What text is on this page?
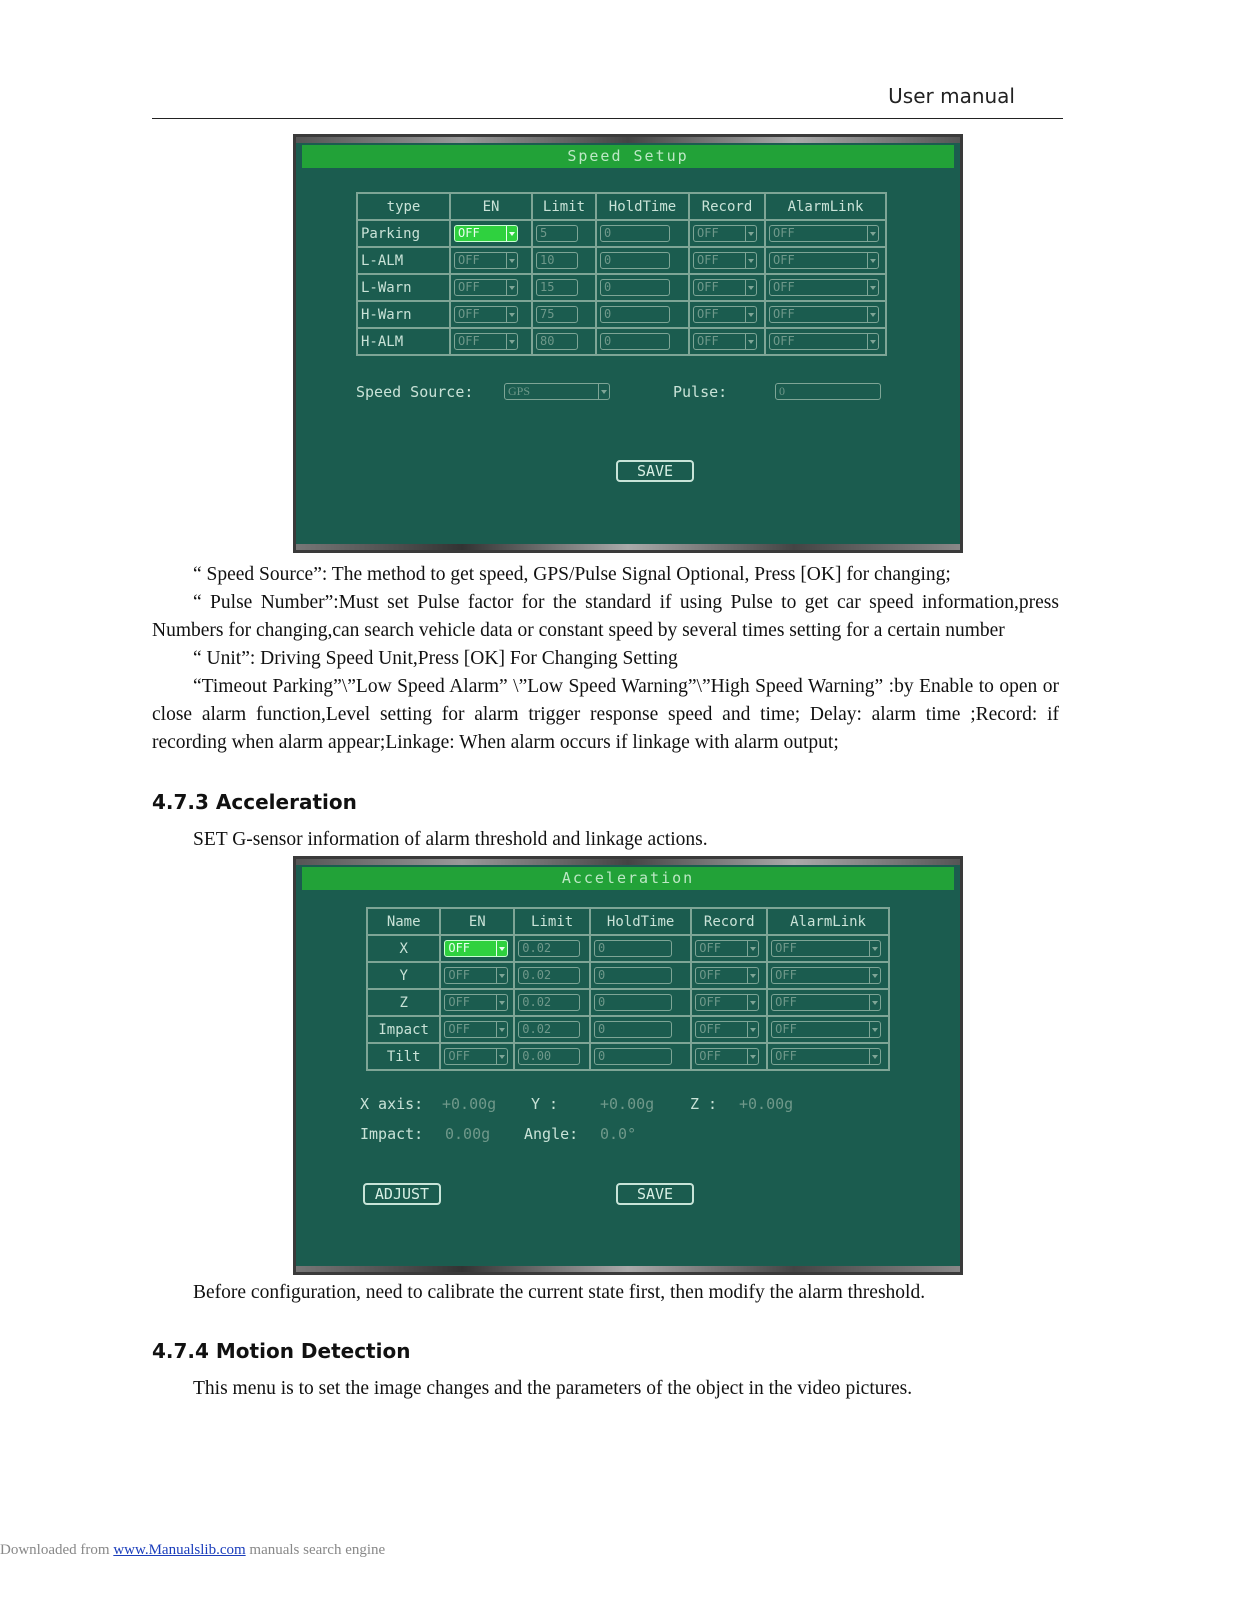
User manual
Speed Setup
type	EN	Limit	HoldTime	Record	AlarmLink
Parking	OFF	5	0	OFF	OFF

L-ALM	OFF	10	0	OFF	OFF

L-Warn	OFF	15	0	OFF	OFF

H-Warn	OFF	75	0	OFF	OFF

H-ALM	OFF	80	0	OFF	OFF
Speed Source:	GPS	Pulse:	0
SAVE
“ Speed Source”: The method to get speed, GPS/Pulse Signal Optional, Press [OK] for changing;
“ Pulse Number”:Must set Pulse factor for the standard if using Pulse to get car speed information,press Numbers for changing,can search vehicle data or constant speed by several times setting for a certain number
“ Unit”: Driving Speed Unit,Press [OK] For Changing Setting
“Timeout Parking”\”Low Speed Alarm” \”Low Speed Warning”\”High Speed Warning” :by Enable to open or close alarm function,Level setting for alarm trigger response speed and time; Delay: alarm time ;Record: if recording when alarm appear;Linkage: When alarm occurs if linkage with alarm output;
4.7.3 Acceleration
SET G-sensor information of alarm threshold and linkage actions.
Acceleration
Name	EN	Limit	HoldTime	Record	AlarmLink
X	OFF	0.02	0	OFF	OFF

Y	OFF	0.02	0	OFF	OFF

Z	OFF	0.02	0	OFF	OFF

Impact	OFF	0.02	0	OFF	OFF

Tilt	OFF	0.00	0	OFF	OFF
X axis: +0.00g Y :	+0.00g Z : +0.00g
Impact: 0.00g Angle: 0.0°
ADJUST	SAVE
Before configuration, need to calibrate the current state first, then modify the alarm threshold.
4.7.4 Motion Detection
This menu is to set the image changes and the parameters of the object in the video pictures.
Downloaded from www.Manualslib.com manuals search engine
